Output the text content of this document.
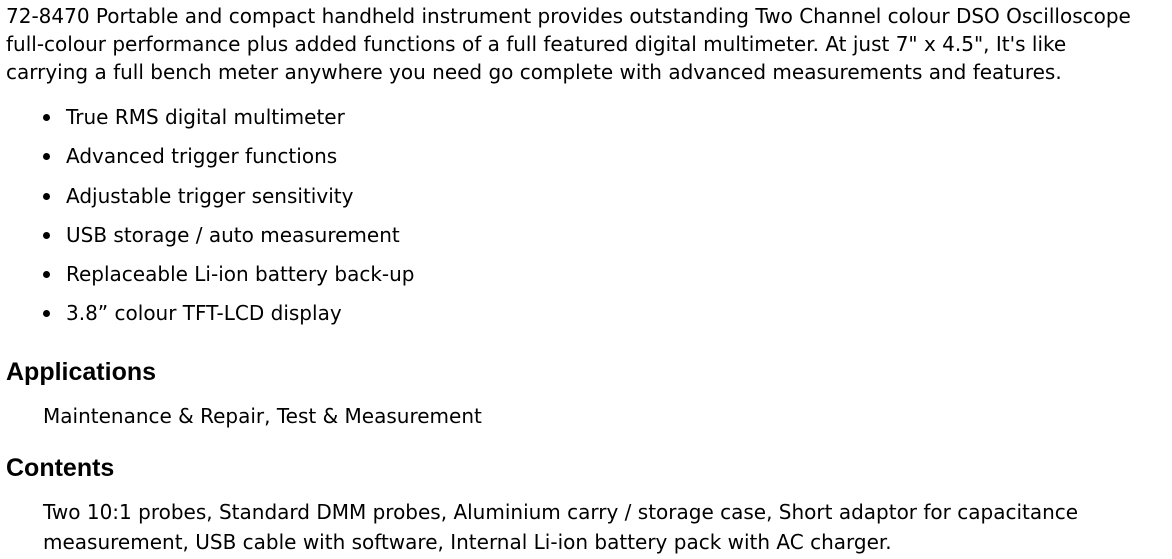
72-8470 Portable and compact handheld instrument provides outstanding Two Channel colour DSO Oscilloscope
full-colour performance plus added functions of a full featured digital multimeter. At just 7" x 4.5", It's like
carrying a full bench meter anywhere you need go complete with advanced measurements and features.

True RMS digital multimeter
Advanced trigger functions
Adjustable trigger sensitivity
USB storage / auto measurement
Replaceable Li-ion battery back-up
3.8” colour TFT-LCD display
Applications

Maintenance & Repair, Test & Measurement

Contents

Two 10:1 probes, Standard DMM probes, Aluminium carry / storage case, Short adaptor for capacitance
measurement, USB cable with software, Internal Li-ion battery pack with AC charger.
